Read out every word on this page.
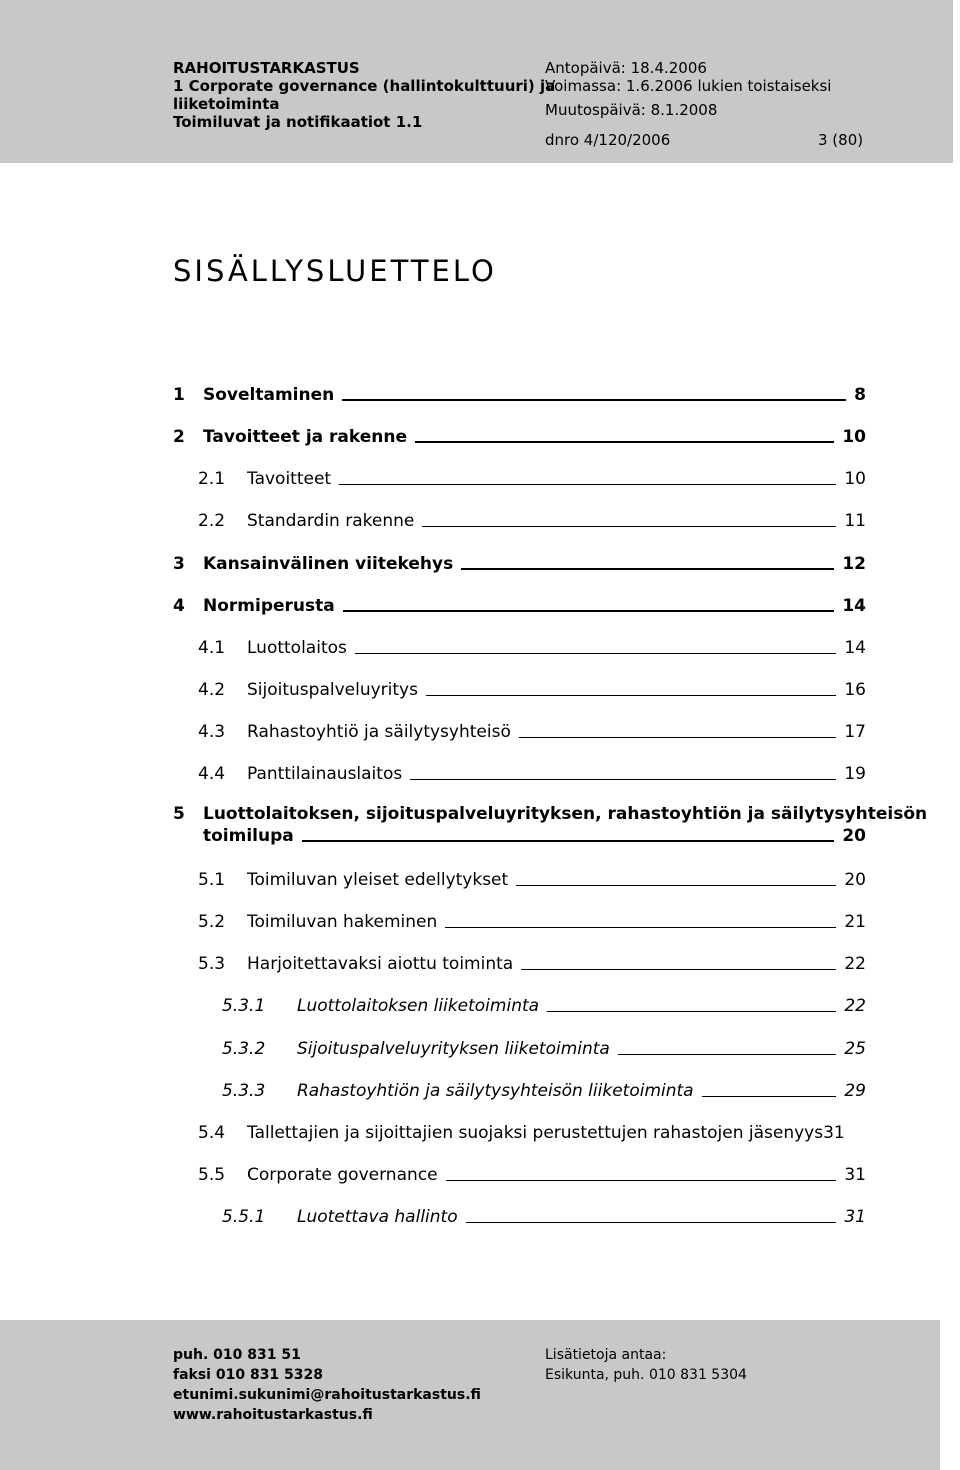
RAHOITUSTARKASTUS
1 Corporate governance (hallintokulttuuri) ja
liiketoiminta
Toimiluvat ja notifikaatiot 1.1
Antopäivä: 18.4.2006
Voimassa: 1.6.2006 lukien toistaiseksi
Muutospäivä: 8.1.2008
dnro 4/120/2006	3 (80)
SISÄLLYSLUETTELO
1	Soveltaminen	8
2	Tavoitteet ja rakenne	10
2.1	Tavoitteet	10
2.2	Standardin rakenne	11
3	Kansainvälinen viitekehys	12
4	Normiperusta	14
4.1	Luottolaitos	14
4.2	Sijoituspalveluyritys	16
4.3	Rahastoyhtiö ja säilytysyhteisö	17
4.4	Panttilainauslaitos	19
5	Luottolaitoksen, sijoituspalveluyrityksen, rahastoyhtiön ja säilytysyhteisön
toimilupa	20
5.1	Toimiluvan yleiset edellytykset	20
5.2	Toimiluvan hakeminen	21
5.3	Harjoitettavaksi aiottu toiminta	22
5.3.1	Luottolaitoksen liiketoiminta	22
5.3.2	Sijoituspalveluyrityksen liiketoiminta	25
5.3.3	Rahastoyhtiön ja säilytysyhteisön liiketoiminta	29
5.4	Tallettajien ja sijoittajien suojaksi perustettujen rahastojen jäsenyys 31
5.5	Corporate governance	31
5.5.1	Luotettava hallinto	31
puh. 010 831 51
faksi 010 831 5328
etunimi.sukunimi@rahoitustarkastus.fi
www.rahoitustarkastus.fi
Lisätietoja antaa:
Esikunta, puh. 010 831 5304
